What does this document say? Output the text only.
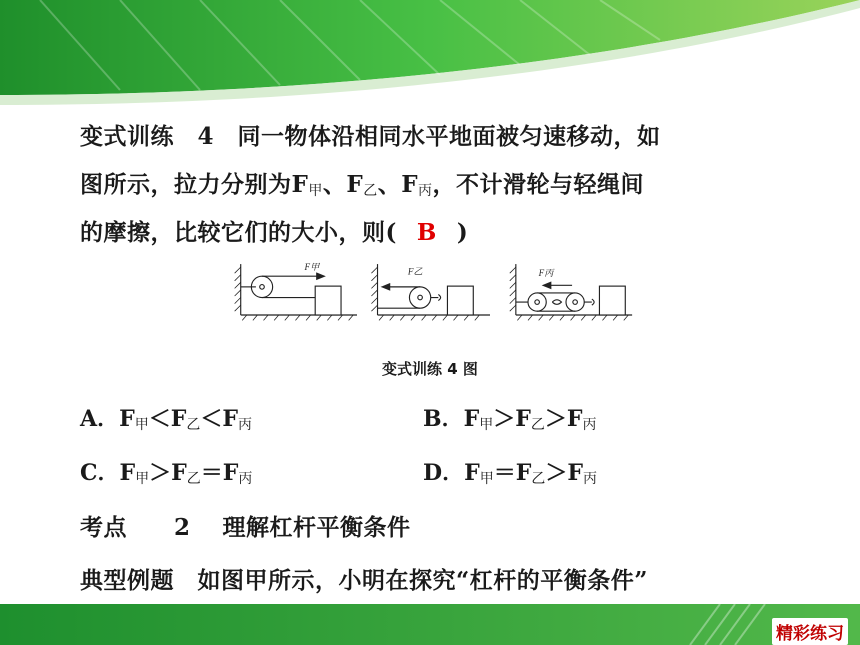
变式训练　4　同一物体沿相同水平地面被匀速移动，如
图所示，拉力分别为$F_甲$、$F_乙$、$F_丙$，不计滑轮与轻绳间
的摩擦，比较它们的大小，则( B )
F甲	F乙	F丙
变式训练 4 图
A．$F_甲<F_乙<F_丙$	B．$F_甲>F_乙>F_丙$
C．$F_甲>F_乙=F_丙$	D．$F_甲=F_乙>F_丙$
考点　　2　 理解杠杆平衡条件
典型例题　如图甲所示，小明在探究“杠杆的平衡条件”
精彩练习
